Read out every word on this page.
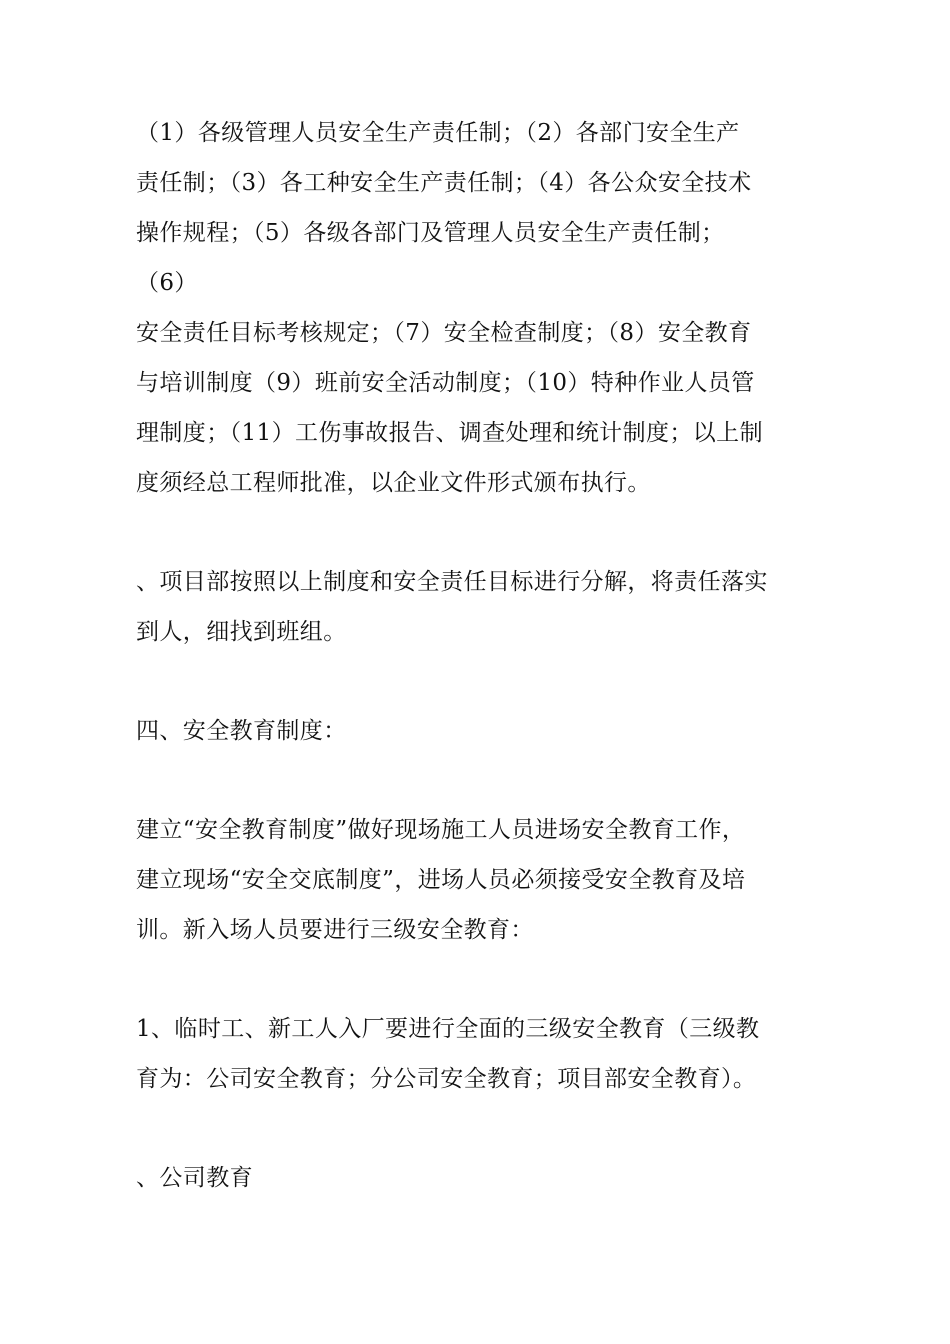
（1）各级管理人员安全生产责任制；（2）各部门安全生产
责任制；（3）各工种安全生产责任制；（4）各公众安全技术
操作规程；（5）各级各部门及管理人员安全生产责任制；
（6）
安全责任目标考核规定；（7）安全检查制度；（8）安全教育
与培训制度（9）班前安全活动制度；（10）特种作业人员管
理制度；（11）工伤事故报告、调查处理和统计制度；以上制
度须经总工程师批准，以企业文件形式颁布执行。

、项目部按照以上制度和安全责任目标进行分解，将责任落实
到人，细找到班组。

四、安全教育制度：

建立“安全教育制度”做好现场施工人员进场安全教育工作，
建立现场“安全交底制度”，进场人员必须接受安全教育及培
训。新入场人员要进行三级安全教育：

1、临时工、新工人入厂要进行全面的三级安全教育（三级教
育为：公司安全教育；分公司安全教育；项目部安全教育）。

、公司教育
